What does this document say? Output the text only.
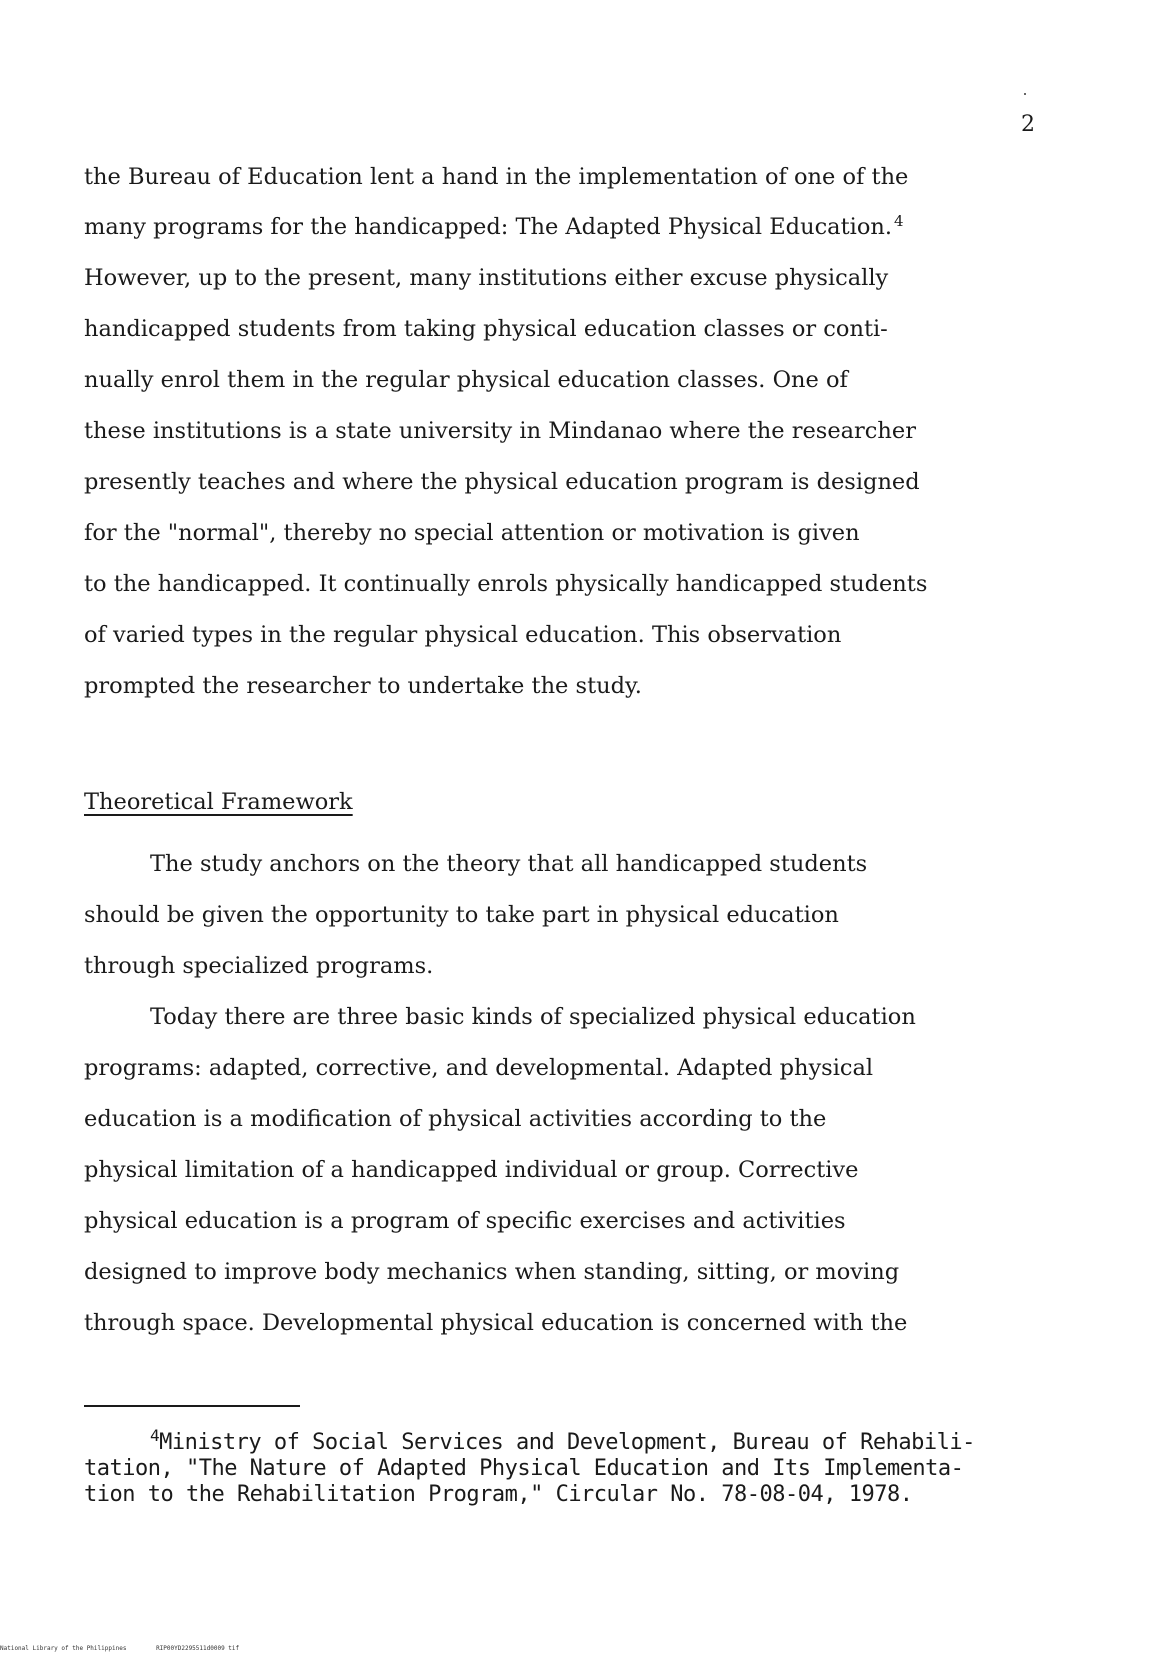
2
the Bureau of Education lent a hand in the implementation of one of the
many programs for the handicapped: The Adapted Physical Education. $^4$
However, up to the present, many institutions either excuse physically
handicapped students from taking physical education classes or conti-
nually enrol them in the regular physical education classes. One of
these institutions is a state university in Mindanao where the researcher
presently teaches and where the physical education program is designed
for the "normal", thereby no special attention or motivation is given
to the handicapped. It continually enrols physically handicapped students
of varied types in the regular physical education. This observation
prompted the researcher to undertake the study.
Theoretical Framework
The study anchors on the theory that all handicapped students
should be given the opportunity to take part in physical education
through specialized programs.
Today there are three basic kinds of specialized physical education
programs: adapted, corrective, and developmental. Adapted physical
education is a modification of physical activities according to the
physical limitation of a handicapped individual or group. Corrective
physical education is a program of specific exercises and activities
designed to improve body mechanics when standing, sitting, or moving
through space. Developmental physical education is concerned with the
$^4$Ministry of Social Services and Development, Bureau of Rehabili-
tation, "The Nature of Adapted Physical Education and Its Implementa-
tion to the Rehabilitation Program," Circular No. 78-08-04, 1978.
National Library of the Philippines	RIP00YD2295511d0009 tif
